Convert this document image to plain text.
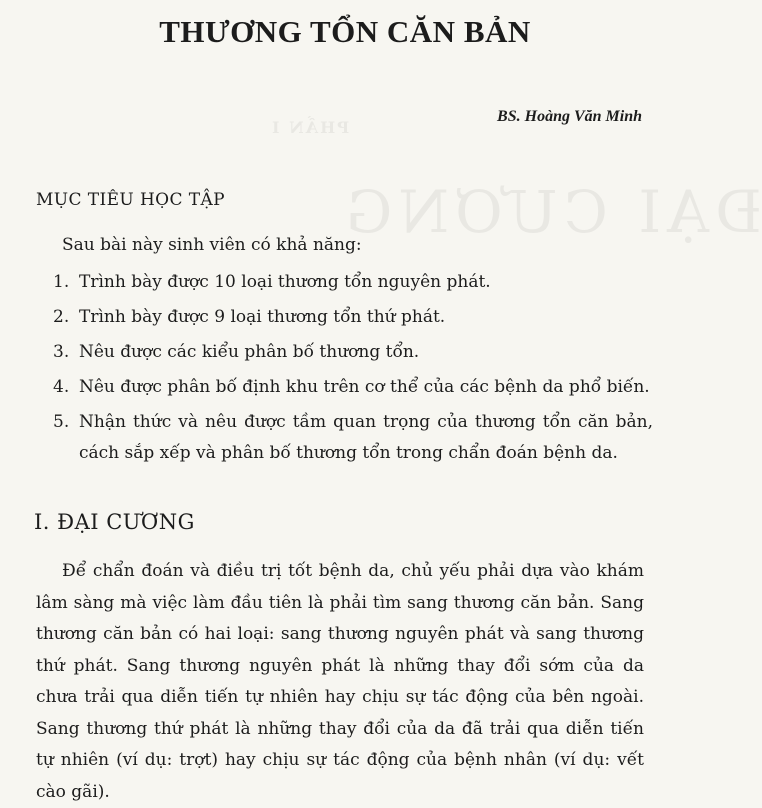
PHẦN I
ĐẠI CƯƠNG
THƯƠNG TỔN CĂN BẢN

BS. Hoàng Văn Minh

MỤC TIÊU HỌC TẬP

Sau bài này sinh viên có khả năng:

1. Trình bày được 10 loại thương tổn nguyên phát.
2. Trình bày được 9 loại thương tổn thứ phát.
3. Nêu được các kiểu phân bố thương tổn.
4. Nêu được phân bố định khu trên cơ thể của các bệnh da phổ biến.
5. Nhận thức và nêu được tầm quan trọng của thương tổn căn bản, cách sắp xếp và phân bố thương tổn trong chẩn đoán bệnh da.
I. ĐẠI CƯƠNG

Để chẩn đoán và điều trị tốt bệnh da, chủ yếu phải dựa vào khám lâm sàng mà việc làm đầu tiên là phải tìm sang thương căn bản. Sang thương căn bản có hai loại: sang thương nguyên phát và sang thương thứ phát. Sang thương nguyên phát là những thay đổi sớm của da chưa trải qua diễn tiến tự nhiên hay chịu sự tác động của bên ngoài. Sang thương thứ phát là những thay đổi của da đã trải qua diễn tiến tự nhiên (ví dụ: trợt) hay chịu sự tác động của bệnh nhân (ví dụ: vết cào gãi).
